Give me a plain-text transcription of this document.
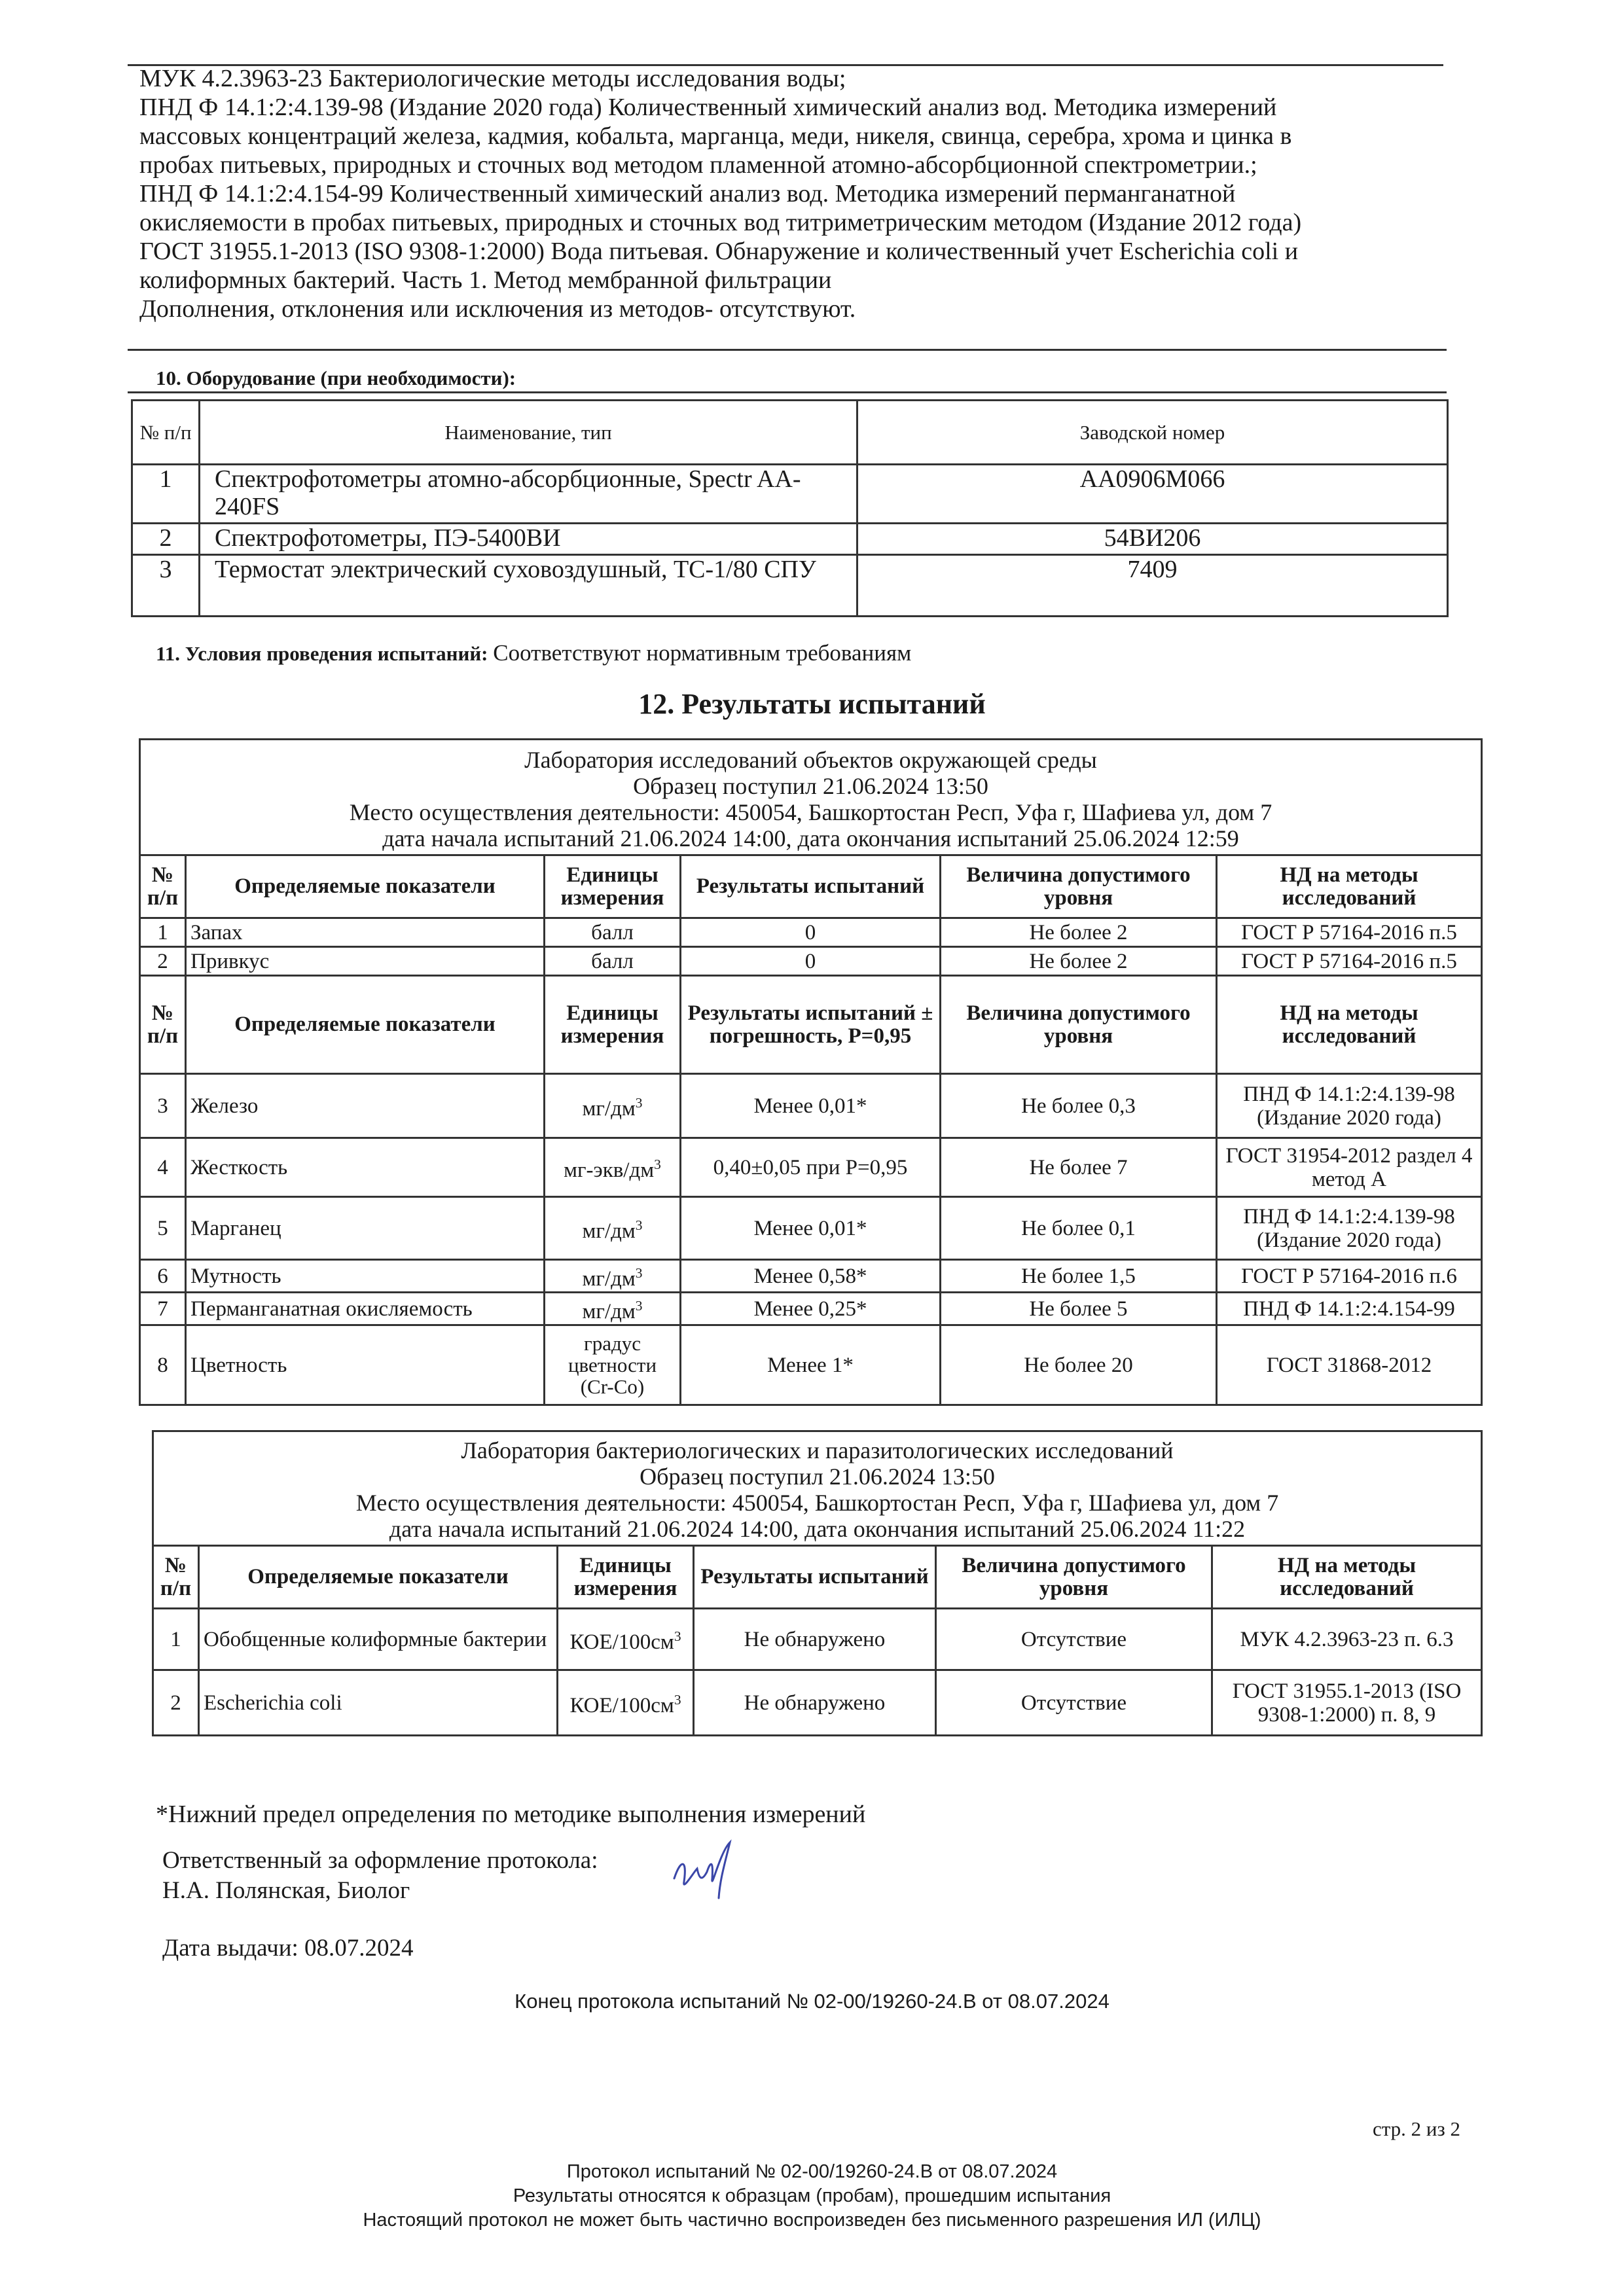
МУК 4.2.3963-23 Бактериологические методы исследования воды;
ПНД Ф 14.1:2:4.139-98 (Издание 2020 года) Количественный химический анализ вод. Методика измерений
массовых концентраций железа, кадмия, кобальта, марганца, меди, никеля, свинца, серебра, хрома и цинка в
пробах питьевых, природных и сточных вод методом пламенной атомно-абсорбционной спектрометрии.;
ПНД Ф 14.1:2:4.154-99 Количественный химический анализ вод. Методика измерений перманганатной
окисляемости в пробах питьевых, природных и сточных вод титриметрическим методом (Издание 2012 года)
ГОСТ 31955.1-2013 (ISO 9308-1:2000) Вода питьевая. Обнаружение и количественный учет Escherichia coli и
колиформных бактерий. Часть 1. Метод мембранной фильтрации
Дополнения, отклонения или исключения из методов- отсутствуют.
10. Оборудование (при необходимости):
№ п/п	Наименование, тип	Заводской номер
1	Спектрофотометры атомно-абсорбционные, Spectr AA-240FS	AA0906M066
2	Спектрофотометры, ПЭ-5400ВИ	54ВИ206
3	Термостат электрический суховоздушный, ТС-1/80 СПУ	7409
11. Условия проведения испытаний: Соответствуют нормативным требованиям
12. Результаты испытаний
Лаборатория исследований объектов окружающей среды
Образец поступил 21.06.2024 13:50
Место осуществления деятельности: 450054, Башкортостан Респ, Уфа г, Шафиева ул, дом 7
дата начала испытаний 21.06.2024 14:00, дата окончания испытаний 25.06.2024 12:59					

№ п/п	Определяемые показатели	Единицы измерения	Результаты испытаний	Величина допустимого уровня	НД на методы исследований
1	Запах	балл	0	Не более 2	ГОСТ Р 57164-2016 п.5
2	Привкус	балл	0	Не более 2	ГОСТ Р 57164-2016 п.5
№ п/п	Определяемые показатели	Единицы измерения	Результаты испытаний ± погрешность, Р=0,95	Величина допустимого уровня	НД на методы исследований
3	Железо	$мг/дм^3$	Менее 0,01*	Не более 0,3	ПНД Ф 14.1:2:4.139-98 (Издание 2020 года)
4	Жесткость	$мг-экв/дм^3$	0,40±0,05 при Р=0,95	Не более 7	ГОСТ 31954-2012 раздел 4 метод А
5	Марганец	$мг/дм^3$	Менее 0,01*	Не более 0,1	ПНД Ф 14.1:2:4.139-98 (Издание 2020 года)
6	Мутность	$мг/дм^3$	Менее 0,58*	Не более 1,5	ГОСТ Р 57164-2016 п.6
7	Перманганатная окисляемость	$мг/дм^3$	Менее 0,25*	Не более 5	ПНД Ф 14.1:2:4.154-99
8	Цветность	градус цветности (Cr-Co)	Менее 1*	Не более 20	ГОСТ 31868-2012
Лаборатория бактериологических и паразитологических исследований
Образец поступил 21.06.2024 13:50
Место осуществления деятельности: 450054, Башкортостан Респ, Уфа г, Шафиева ул, дом 7
дата начала испытаний 21.06.2024 14:00, дата окончания испытаний 25.06.2024 11:22					

№ п/п	Определяемые показатели	Единицы измерения	Результаты испытаний	Величина допустимого уровня	НД на методы исследований
1	Обобщенные колиформные бактерии	КОЕ/$100см^3$	Не обнаружено	Отсутствие	МУК 4.2.3963-23 п. 6.3
2	Escherichia coli	КОЕ/$100см^3$	Не обнаружено	Отсутствие	ГОСТ 31955.1-2013 (ISO 9308-1:2000) п. 8, 9
*Нижний предел определения по методике выполнения измерений
Ответственный за оформление протокола:
Н.А. Полянская, Биолог
Дата выдачи: 08.07.2024
Конец протокола испытаний № 02-00/19260-24.В от 08.07.2024
стр. 2 из 2
Протокол испытаний № 02-00/19260-24.В от 08.07.2024
Результаты относятся к образцам (пробам), прошедшим испытания
Настоящий протокол не может быть частично воспроизведен без письменного разрешения ИЛ (ИЛЦ)
